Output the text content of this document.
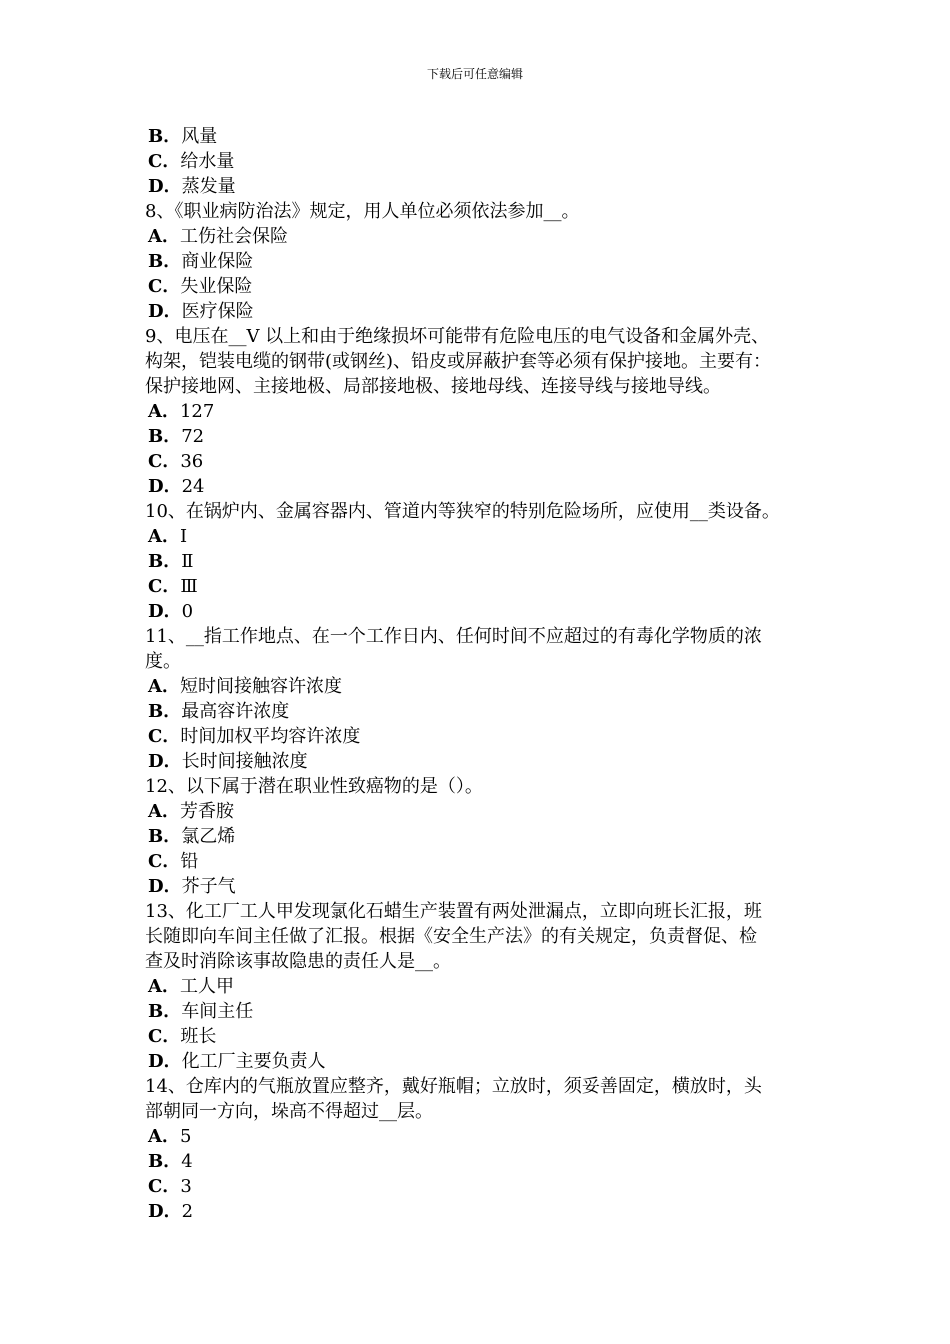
下载后可任意编辑
B．风量
C．给水量
D．蒸发量
8、《职业病防治法》规定，用人单位必须依法参加__。
A．工伤社会保险
B．商业保险
C．失业保险
D．医疗保险
9、电压在__V 以上和由于绝缘损坏可能带有危险电压的电气设备和金属外壳、
构架，铠装电缆的钢带(或钢丝)、铅皮或屏蔽护套等必须有保护接地。主要有：
保护接地网、主接地极、局部接地极、接地母线、连接导线与接地导线。
A．127
B．72
C．36
D．24
10、在锅炉内、金属容器内、管道内等狭窄的特别危险场所，应使用__类设备。
A．Ⅰ
B．Ⅱ
C．Ⅲ
D．0
11、__指工作地点、在一个工作日内、任何时间不应超过的有毒化学物质的浓
度。
A．短时间接触容许浓度
B．最高容许浓度
C．时间加权平均容许浓度
D．长时间接触浓度
12、以下属于潜在职业性致癌物的是（）。
A．芳香胺
B．氯乙烯
C．铅
D．芥子气
13、化工厂工人甲发现氯化石蜡生产装置有两处泄漏点，立即向班长汇报，班
长随即向车间主任做了汇报。根据《安全生产法》的有关规定，负责督促、检
查及时消除该事故隐患的责任人是__。
A．工人甲
B．车间主任
C．班长
D．化工厂主要负责人
14、仓库内的气瓶放置应整齐，戴好瓶帽；立放时，须妥善固定，横放时，头
部朝同一方向，垛高不得超过__层。
A．5
B．4
C．3
D．2
